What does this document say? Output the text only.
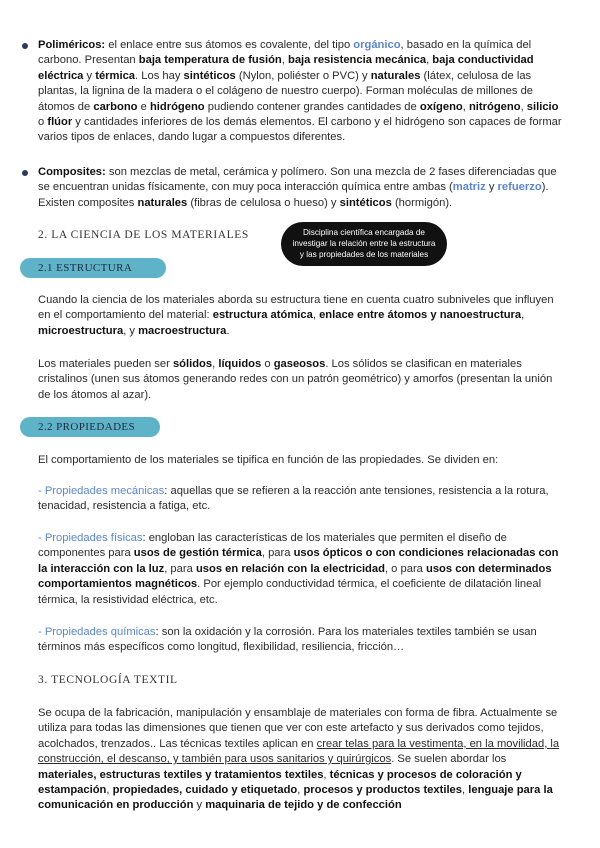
Poliméricos: el enlace entre sus átomos es covalente, del tipo orgánico, basado en la química del carbono. Presentan baja temperatura de fusión, baja resistencia mecánica, baja conductividad eléctrica y térmica. Los hay sintéticos (Nylon, poliéster o PVC) y naturales (látex, celulosa de las plantas, la lignina de la madera o el colágeno de nuestro cuerpo). Forman moléculas de millones de átomos de carbono e hidrógeno pudiendo contener grandes cantidades de oxígeno, nitrógeno, silicio o flúor y cantidades inferiores de los demás elementos. El carbono y el hidrógeno son capaces de formar varios tipos de enlaces, dando lugar a compuestos diferentes.

Composites: son mezclas de metal, cerámica y polímero. Son una mezcla de 2 fases diferenciadas que se encuentran unidas físicamente, con muy poca interacción química entre ambas (matriz y refuerzo). Existen composites naturales (fibras de celulosa o hueso) y sintéticos (hormigón).

2. LA CIENCIA DE LOS MATERIALES	Disciplina científica encargada de
investigar la relación entre la estructura
y las propiedades de los materiales
2.1 ESTRUCTURA

Cuando la ciencia de los materiales aborda su estructura tiene en cuenta cuatro subniveles que influyen en el comportamiento del material: estructura atómica, enlace entre átomos y nanoestructura, microestructura, y macroestructura.

Los materiales pueden ser sólidos, líquidos o gaseosos. Los sólidos se clasifican en materiales cristalinos (unen sus átomos generando redes con un patrón geométrico) y amorfos (presentan la unión de los átomos al azar).

2.2 PROPIEDADES
El comportamiento de los materiales se tipifica en función de las propiedades. Se dividen en:

- Propiedades mecánicas: aquellas que se refieren a la reacción ante tensiones, resistencia a la rotura, tenacidad, resistencia a fatiga, etc.

- Propiedades físicas: engloban las características de los materiales que permiten el diseño de componentes para usos de gestión térmica, para usos ópticos o con condiciones relacionadas con la interacción con la luz, para usos en relación con la electricidad, o para usos con determinados comportamientos magnéticos. Por ejemplo conductividad térmica, el coeficiente de dilatación lineal térmica, la resistividad eléctrica, etc.

- Propiedades químicas: son la oxidación y la corrosión. Para los materiales textiles también se usan términos más específicos como longitud, flexibilidad, resiliencia, fricción…

3. TECNOLOGÍA TEXTIL

Se ocupa de la fabricación, manipulación y ensamblaje de materiales con forma de fibra. Actualmente se utiliza para todas las dimensiones que tienen que ver con este artefacto y sus derivados como tejidos, acolchados, trenzados.. Las técnicas textiles aplican en crear telas para la vestimenta, en la movilidad, la construcción, el descanso, y también para usos sanitarios y quirúrgicos. Se suelen abordar los materiales, estructuras textiles y tratamientos textiles, técnicas y procesos de coloración y estampación, propiedades, cuidado y etiquetado, procesos y productos textiles, lenguaje para la comunicación en producción y maquinaria de tejido y de confección
